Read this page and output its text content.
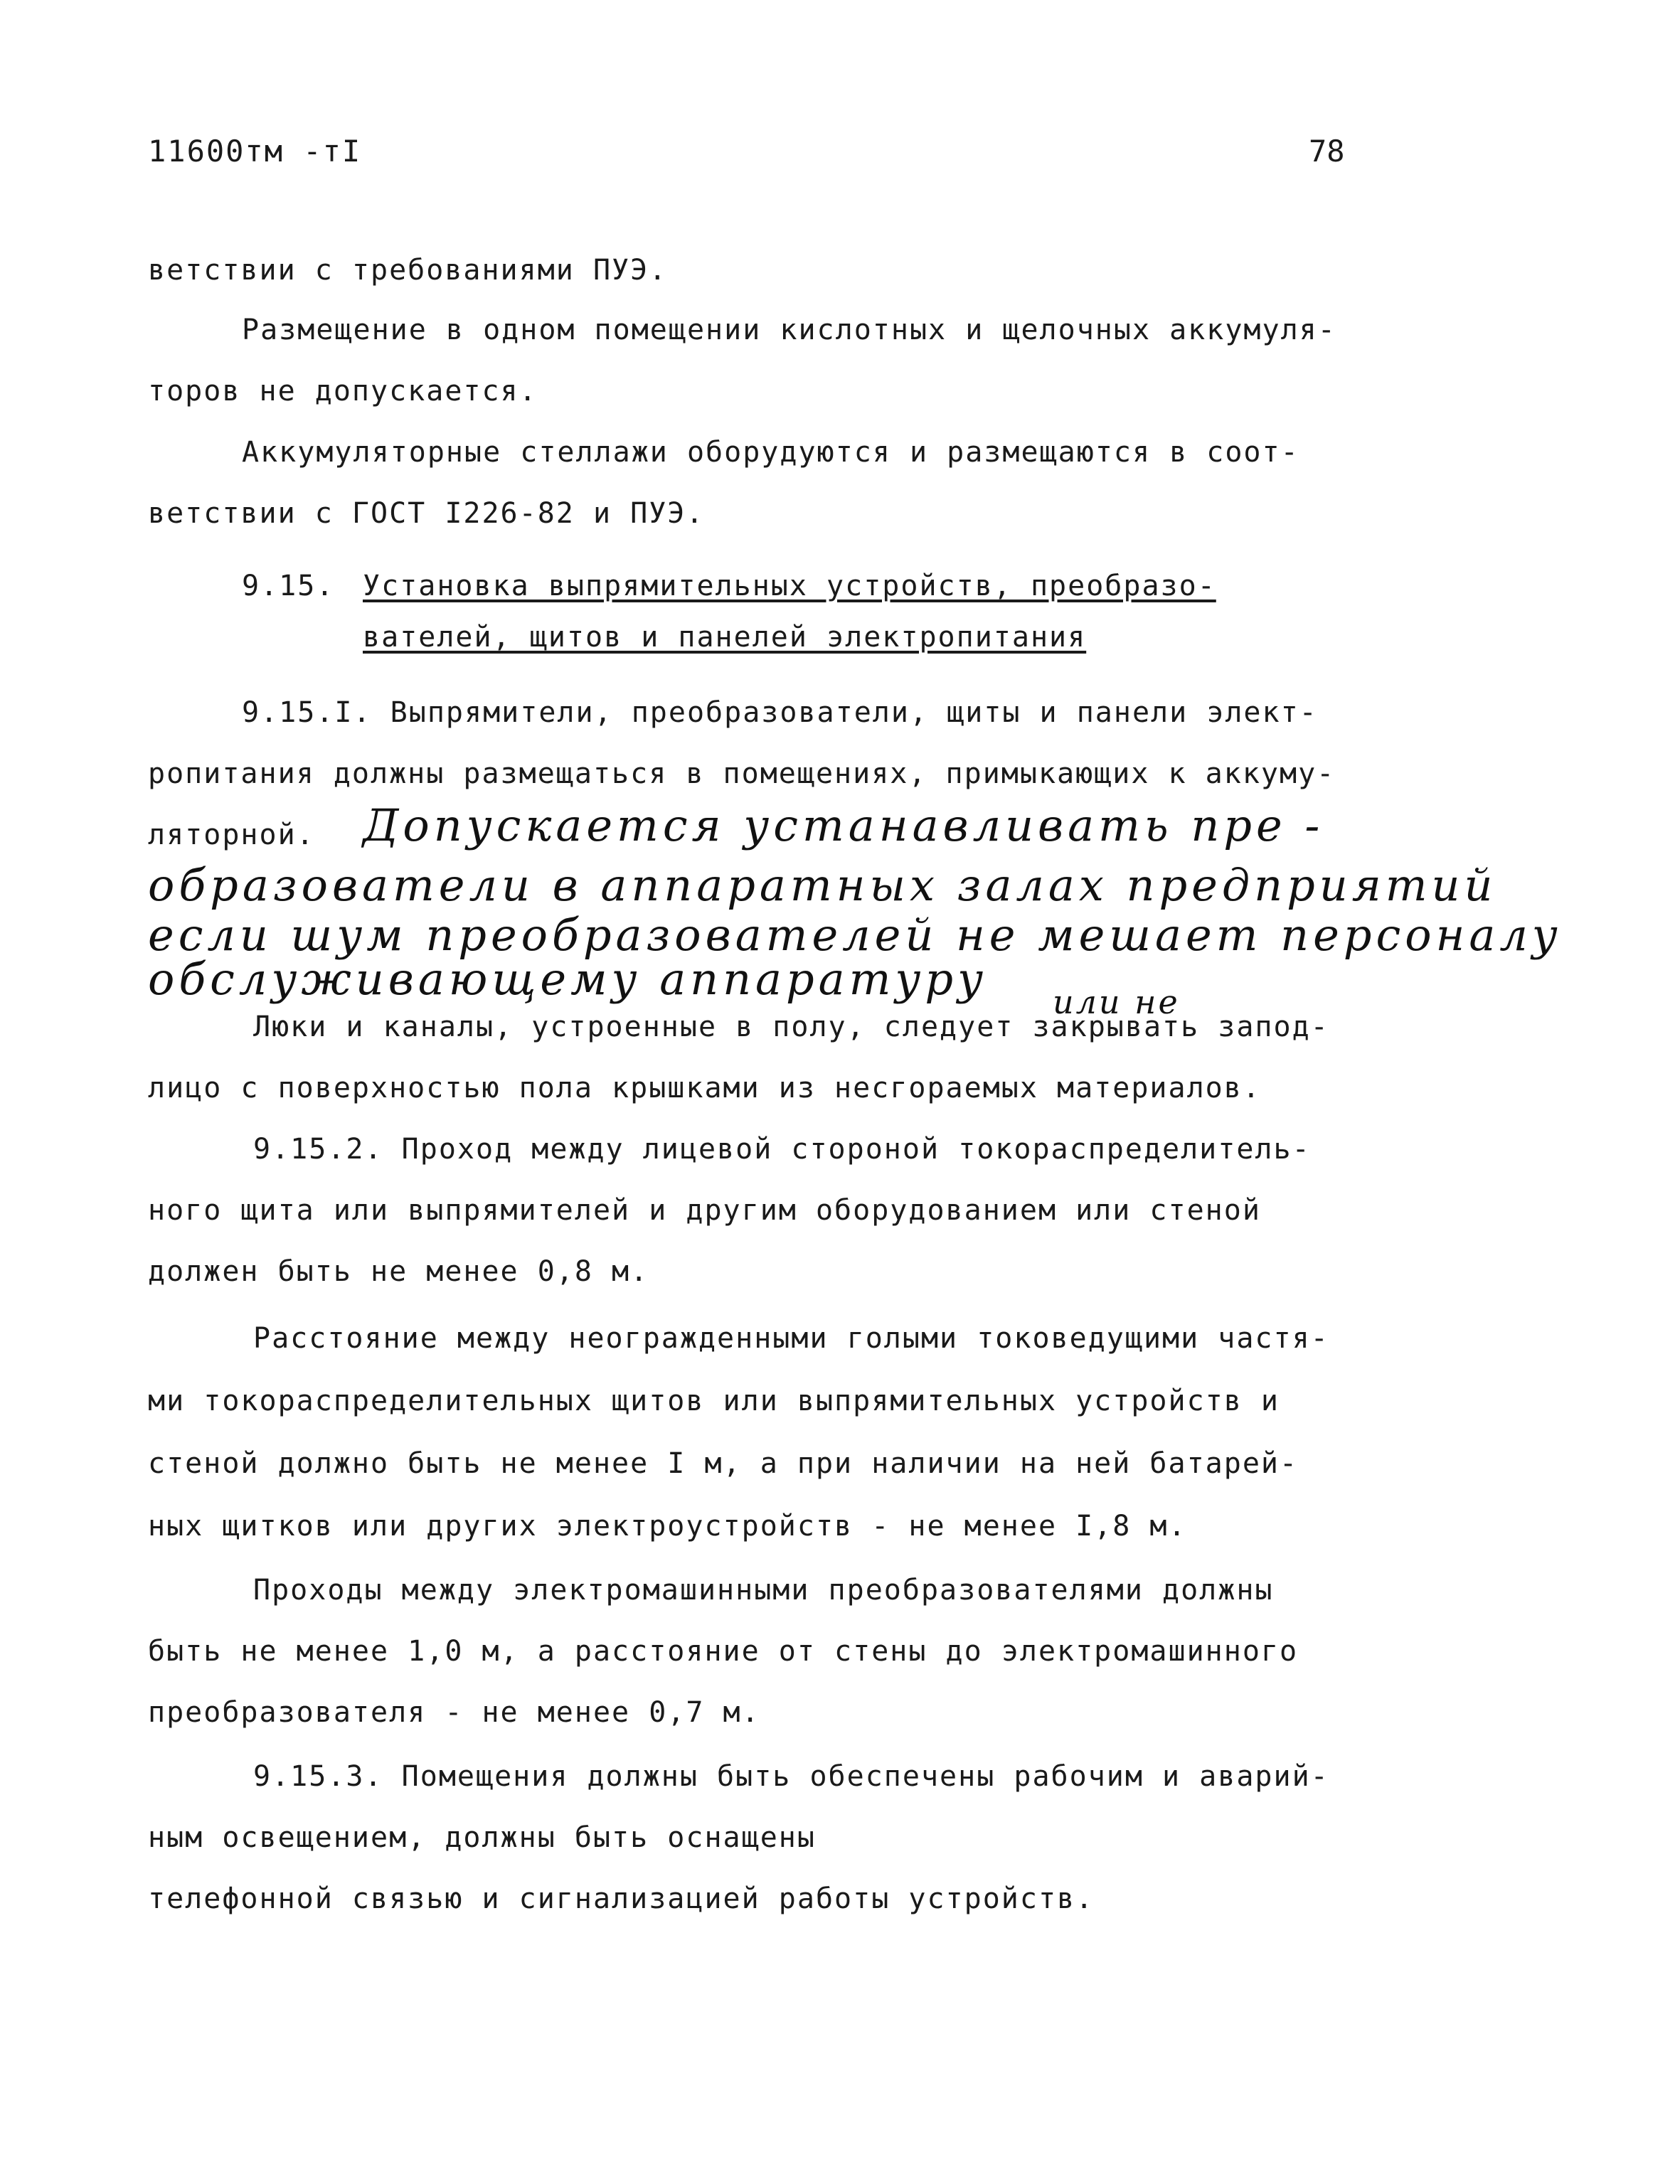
11600тм -тI	78
ветствии с требованиями ПУЭ.
Размещение в одном помещении кислотных и щелочных аккумуля-
торов не допускается.
Аккумуляторные стеллажи оборудуются и размещаются в соот-
ветствии с ГОСТ I226-82 и ПУЭ.
9.15. Установка выпрямительных устройств, преобразо-
вателей, щитов и панелей электропитания
9.15.I. Выпрямители, преобразователи, щиты и панели элект-
ропитания должны размещаться в помещениях, примыкающих к аккуму-
ляторной. Допускается устанавливать пре -
образователи в аппаратных залах предприятий
если шум преобразователей не мешает персоналу
обслуживающему аппаратуру или не
Люки и каналы, устроенные в полу, следует закрывать запод-
лицо с поверхностью пола крышками из несгораемых материалов.
9.15.2. Проход между лицевой стороной токораспределитель-
ного щита или выпрямителей и другим оборудованием или стеной
должен быть не менее 0,8 м.
Расстояние между неогражденными голыми токоведущими частя-
ми токораспределительных щитов или выпрямительных устройств и
стеной должно быть не менее I м, а при наличии на ней батарей-
ных щитков или других электроустройств - не менее I,8 м.
Проходы между электромашинными преобразователями должны
быть не менее 1,0 м, а расстояние от стены до электромашинного
преобразователя - не менее 0,7 м.
9.15.3. Помещения должны быть обеспечены рабочим и аварий-
ным освещением, должны быть оснащены
телефонной связью и сигнализацией работы устройств.
